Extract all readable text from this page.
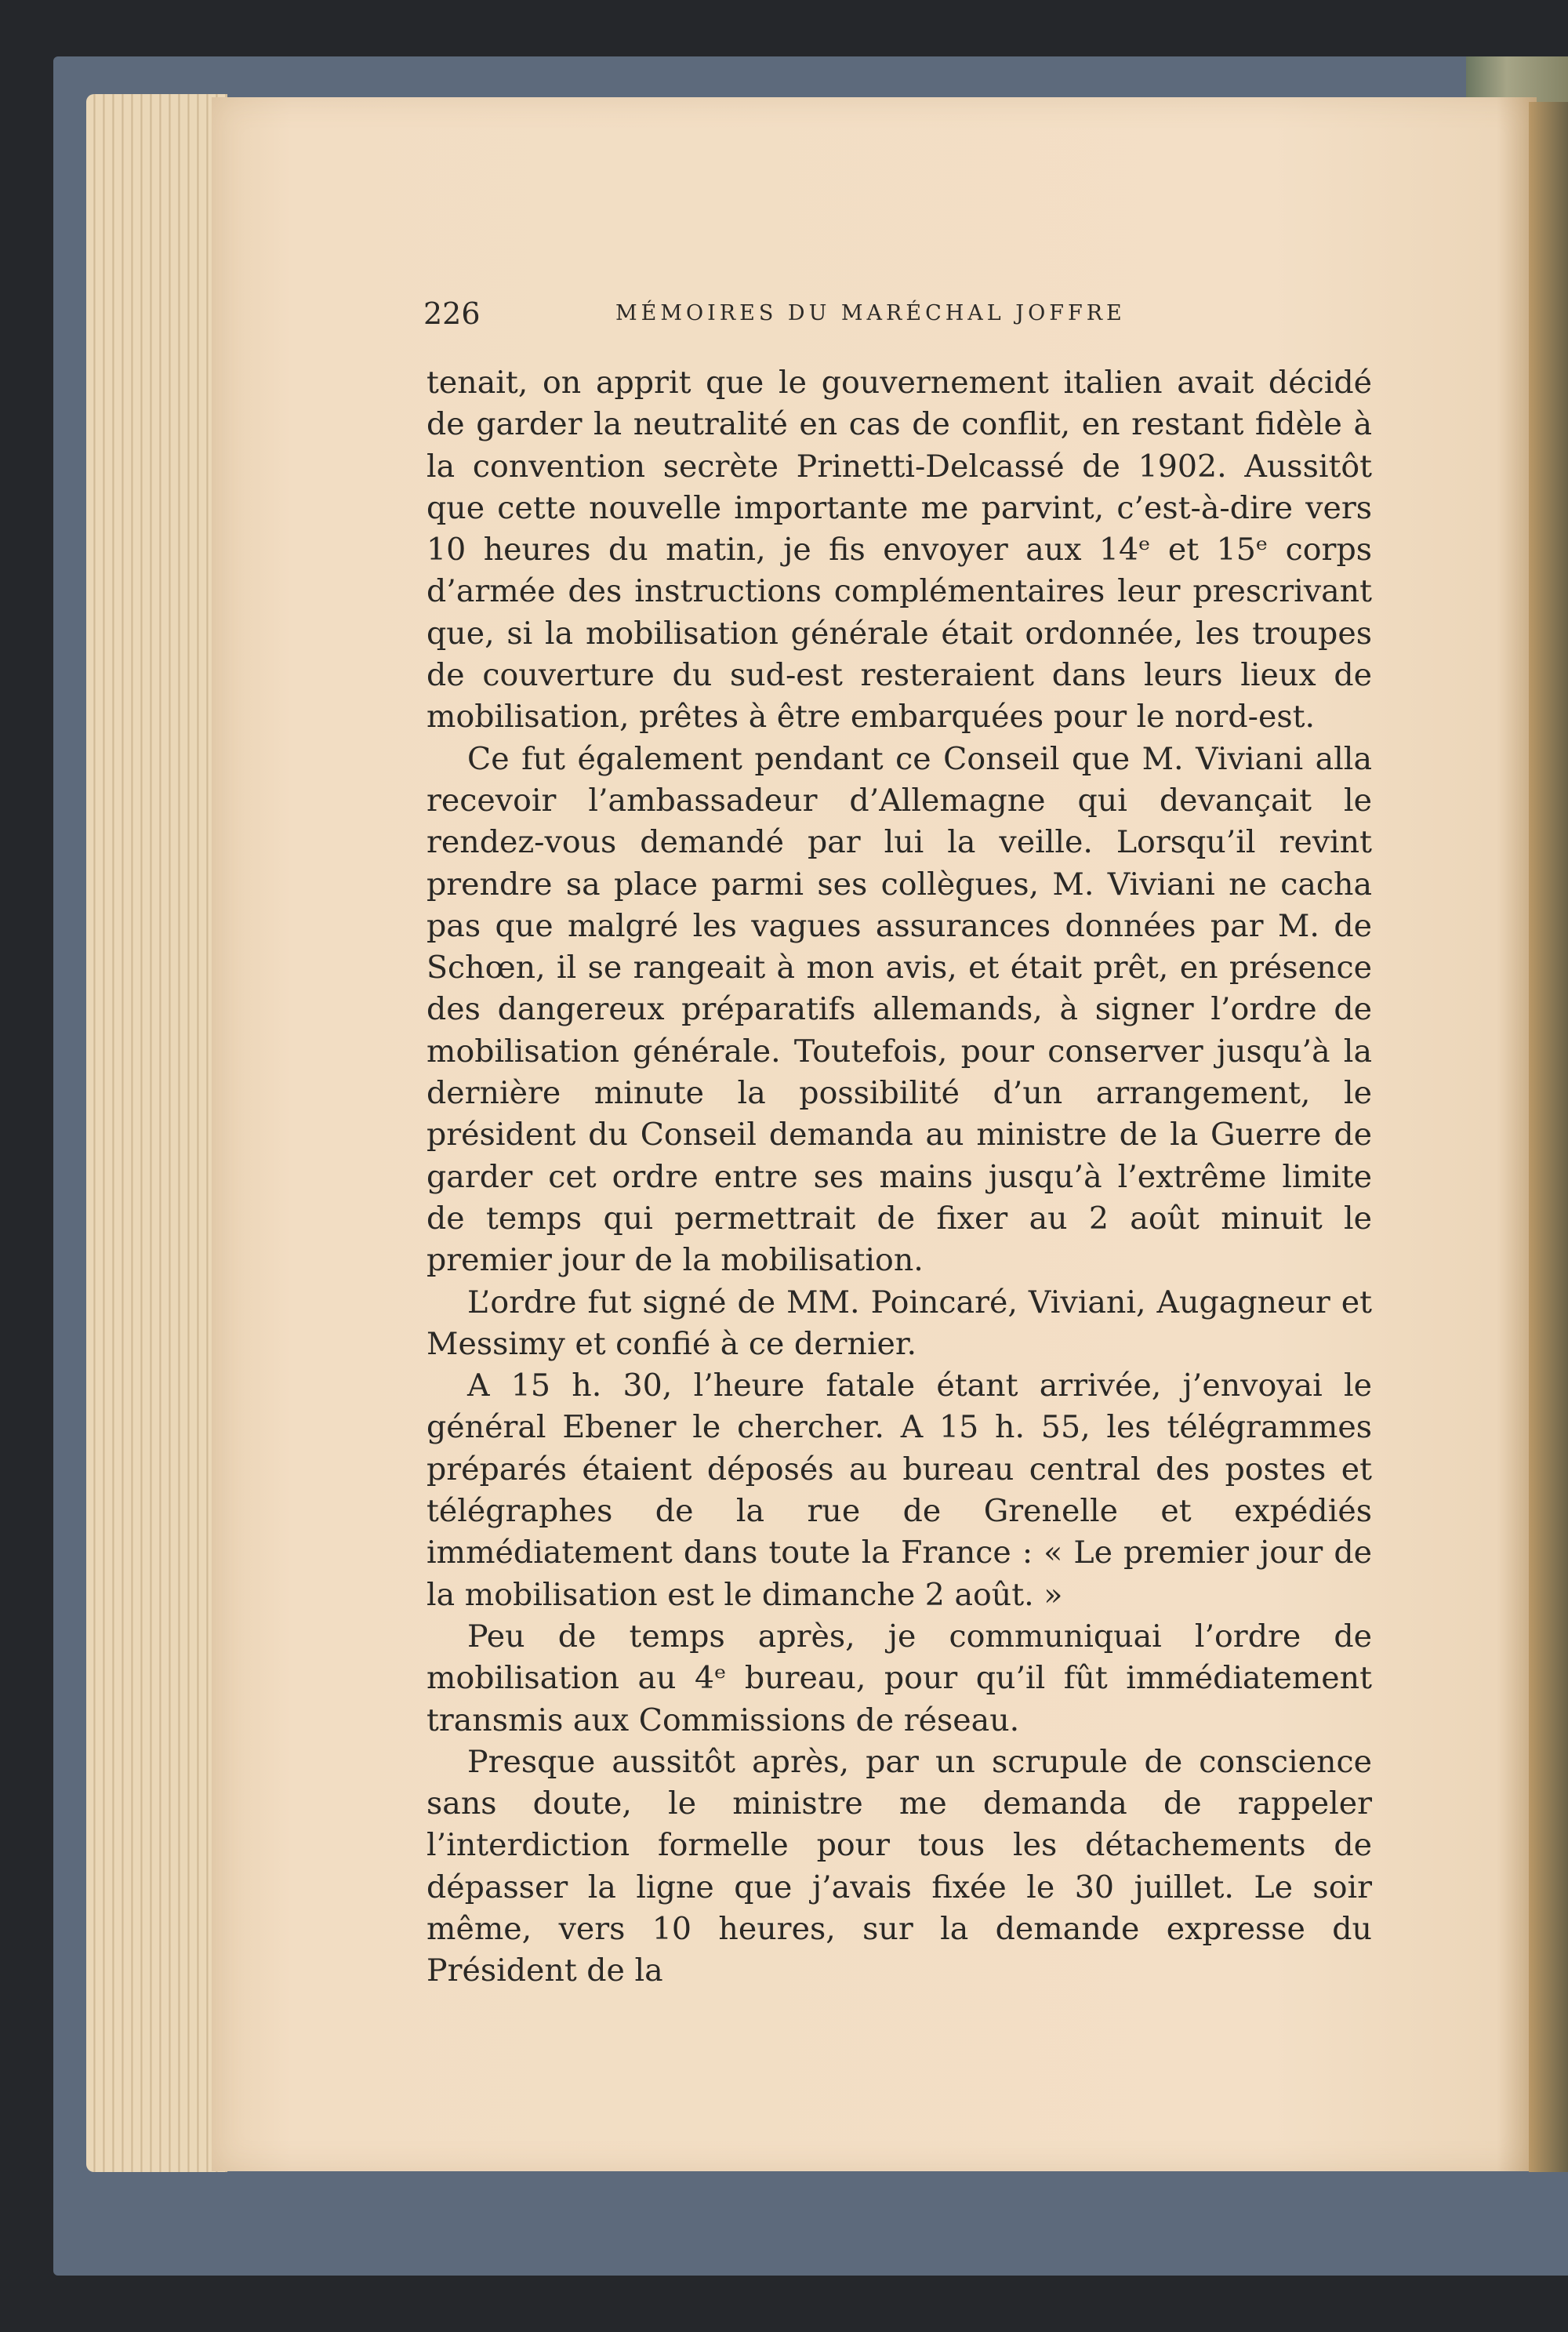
226	MÉMOIRES DU MARÉCHAL JOFFRE

tenait, on apprit que le gouvernement italien avait décidé de garder la neutralité en cas de conflit, en restant fidèle à la convention secrète Prinetti-Delcassé de 1902. Aussitôt que cette nouvelle importante me parvint, c’est-à-dire vers 10 heures du matin, je fis envoyer aux 14ᵉ et 15ᵉ corps d’armée des instructions complémentaires leur prescrivant que, si la mobilisation générale était ordonnée, les troupes de couverture du sud-est resteraient dans leurs lieux de mobilisation, prêtes à être embarquées pour le nord-est.

Ce fut également pendant ce Conseil que M. Viviani alla recevoir l’ambassadeur d’Allemagne qui devançait le rendez-vous demandé par lui la veille. Lorsqu’il revint prendre sa place parmi ses collègues, M. Viviani ne cacha pas que malgré les vagues assurances données par M. de Schœn, il se rangeait à mon avis, et était prêt, en présence des dangereux préparatifs allemands, à signer l’ordre de mobilisation générale. Toutefois, pour conserver jusqu’à la dernière minute la possibilité d’un arrangement, le président du Conseil demanda au ministre de la Guerre de garder cet ordre entre ses mains jusqu’à l’extrême limite de temps qui permettrait de fixer au 2 août minuit le premier jour de la mobilisation.

L’ordre fut signé de MM. Poincaré, Viviani, Augagneur et Messimy et confié à ce dernier.

A 15 h. 30, l’heure fatale étant arrivée, j’envoyai le général Ebener le chercher. A 15 h. 55, les télégrammes préparés étaient déposés au bureau central des postes et télégraphes de la rue de Grenelle et expédiés immédiatement dans toute la France : « Le premier jour de la mobilisation est le dimanche 2 août. »

Peu de temps après, je communiquai l’ordre de mobilisation au 4ᵉ bureau, pour qu’il fût immédiatement transmis aux Commissions de réseau.

Presque aussitôt après, par un scrupule de conscience sans doute, le ministre me demanda de rappeler l’interdiction formelle pour tous les détachements de dépasser la ligne que j’avais fixée le 30 juillet. Le soir même, vers 10 heures, sur la demande expresse du Président de la
